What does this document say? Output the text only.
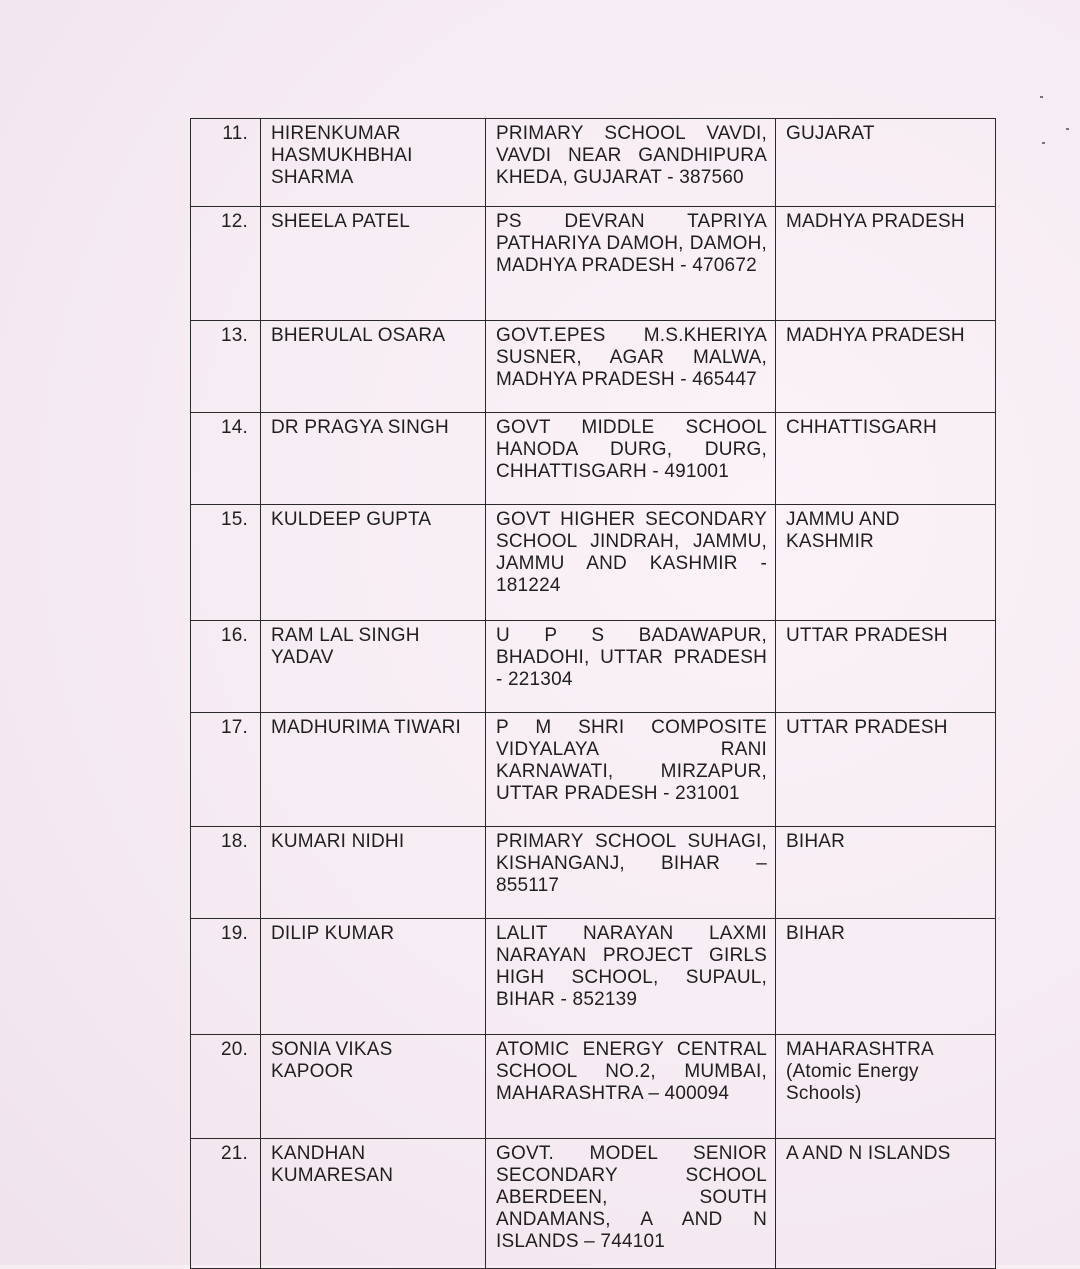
11.	HIRENKUMAR
HASMUKHBHAI
SHARMA	PRIMARY SCHOOL VAVDI, VAVDI NEAR GANDHIPURA KHEDA, GUJARAT - 387560	GUJARAT
12.	SHEELA PATEL	PS DEVRAN TAPRIYA PATHARIYA DAMOH, DAMOH, MADHYA PRADESH - 470672	MADHYA PRADESH
13.	BHERULAL OSARA	GOVT.EPES M.S.KHERIYA SUSNER, AGAR MALWA, MADHYA PRADESH - 465447	MADHYA PRADESH
14.	DR PRAGYA SINGH	GOVT MIDDLE SCHOOL HANODA DURG, DURG, CHHATTISGARH - 491001	CHHATTISGARH
15.	KULDEEP GUPTA	GOVT HIGHER SECONDARY SCHOOL JINDRAH, JAMMU, JAMMU AND KASHMIR - 181224	JAMMU AND
KASHMIR
16.	RAM LAL SINGH
YADAV	U P S BADAWAPUR, BHADOHI, UTTAR PRADESH - 221304	UTTAR PRADESH
17.	MADHURIMA TIWARI	P M SHRI COMPOSITE VIDYALAYA RANI KARNAWATI, MIRZAPUR, UTTAR PRADESH - 231001	UTTAR PRADESH
18.	KUMARI NIDHI	PRIMARY SCHOOL SUHAGI, KISHANGANJ, BIHAR – 855117	BIHAR
19.	DILIP KUMAR	LALIT NARAYAN LAXMI NARAYAN PROJECT GIRLS HIGH SCHOOL, SUPAUL, BIHAR - 852139	BIHAR
20.	SONIA VIKAS
KAPOOR	ATOMIC ENERGY CENTRAL SCHOOL NO.2, MUMBAI, MAHARASHTRA – 400094	MAHARASHTRA
(Atomic Energy
Schools)
21.	KANDHAN
KUMARESAN	GOVT. MODEL SENIOR SECONDARY SCHOOL ABERDEEN, SOUTH ANDAMANS, A AND N ISLANDS – 744101	A AND N ISLANDS
